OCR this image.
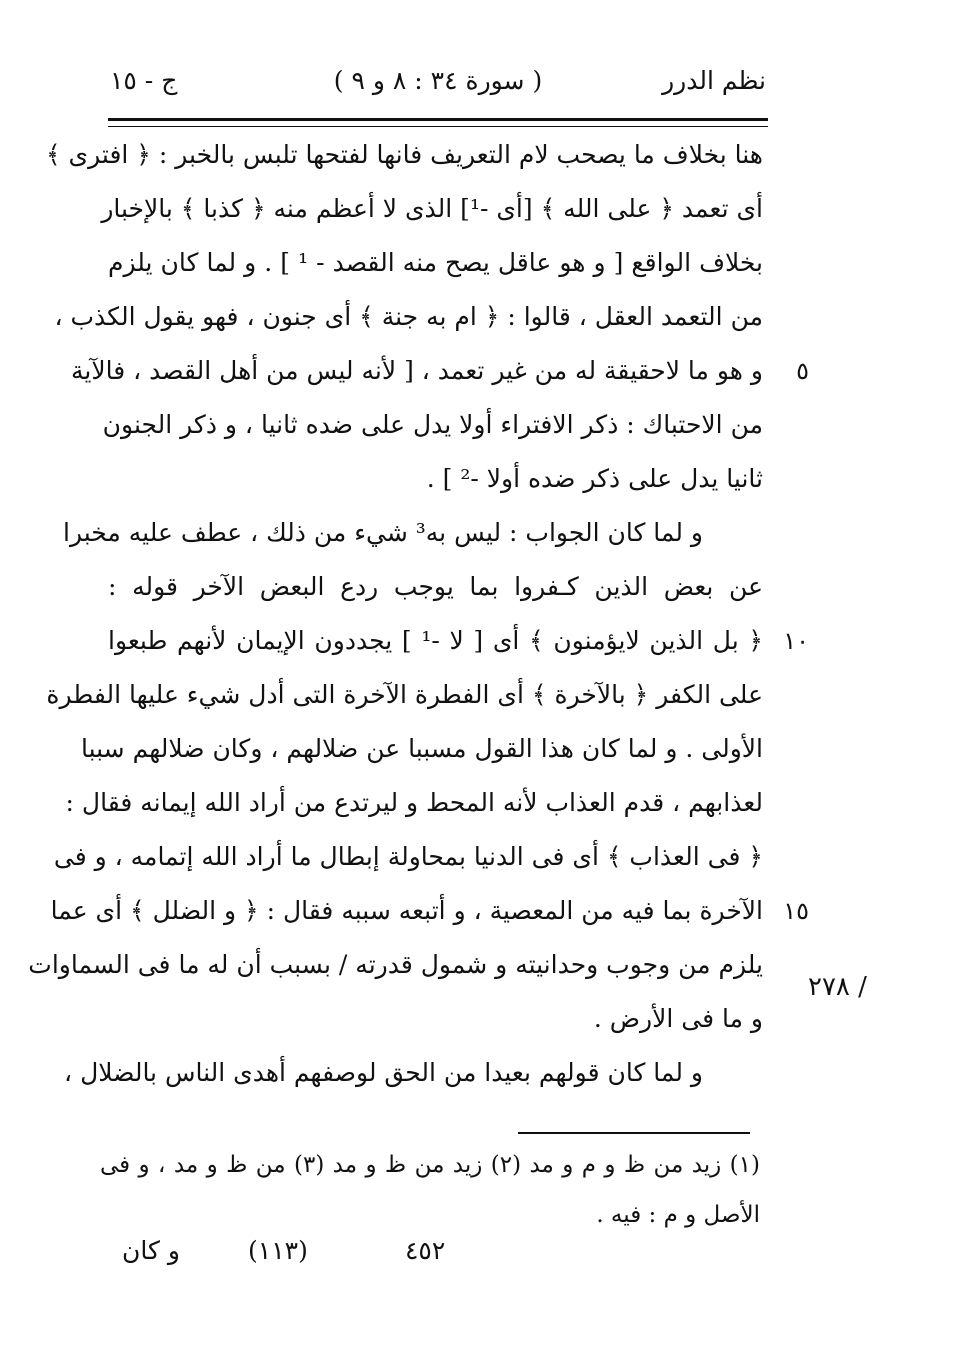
نظم الدرر
( سورة ٣٤ : ٨ و ٩ )
ج - ١٥
هنا بخلاف ما يصحب لام التعريف فانها لفتحها تلبس بالخبر : ﴿ افترى ﴾
أى تعمد ﴿ على الله ﴾ [أى -¹] الذى لا أعظم منه ﴿ كذبا ﴾ بالإخبار
بخلاف الواقع [ و هو عاقل يصح منه القصد - ¹ ] . و لما كان يلزم
من التعمد العقل ، قالوا : ﴿ ام به جنة ﴾ أى جنون ، فهو يقول الكذب ،
و هو ما لاحقيقة له من غير تعمد ، [ لأنه ليس من أهل القصد ، فالآية ٥
من الاحتباك : ذكر الافتراء أولا يدل على ضده ثانيا ، و ذكر الجنون
ثانيا يدل على ذكر ضده أولا -² ] .
و لما كان الجواب : ليس به³ شيء من ذلك ، عطف عليه مخبرا
عن بعض الذين كـفروا بما يوجب ردع البعض الآخر قوله :
﴿ بل الذين لايؤمنون ﴾ أى [ لا -¹ ] يجددون الإيمان لأنهم طبعوا ١٠
على الكفر ﴿ بالآخرة ﴾ أى الفطرة الآخرة التى أدل شيء عليها الفطرة
الأولى . و لما كان هذا القول مسببا عن ضلالهم ، وكان ضلالهم سببا
لعذابهم ، قدم العذاب لأنه المحط و ليرتدع من أراد الله إيمانه فقال :
﴿ فى العذاب ﴾ أى فى الدنيا بمحاولة إبطال ما أراد الله إتمامه ، و فى
الآخرة بما فيه من المعصية ، و أتبعه سببه فقال : ﴿ و الضلل ﴾ أى عما ١٥
يلزم من وجوب وحدانيته و شمول قدرته / بسبب أن له ما فى السماوات
و ما فى الأرض .
و لما كان قولهم بعيدا من الحق لوصفهم أهدى الناس بالضلال ،
/ ٢٧٨
(١) زيد من ظ و م و مد (٢) زيد من ظ و مد (٣) من ظ و مد ، و فى
الأصل و م : فيه .
٤٥٢
(١١٣)
و كان
